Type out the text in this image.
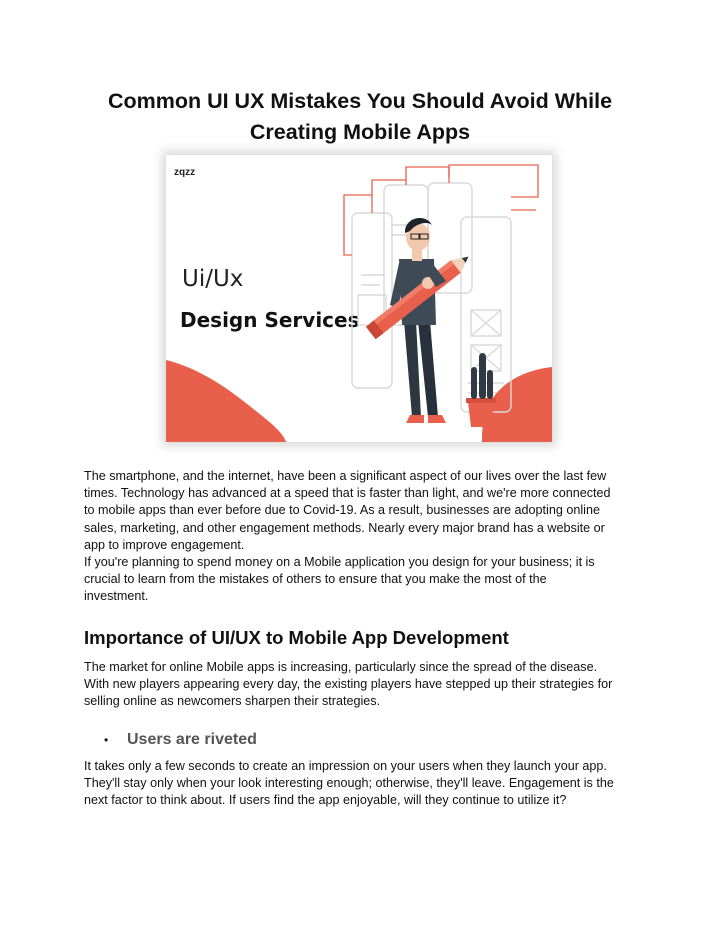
Common UI UX Mistakes You Should Avoid While
Creating Mobile Apps
zqzz
Ui/Ux
Design Services
The smartphone, and the internet, have been a significant aspect of our lives over the last few
times. Technology has advanced at a speed that is faster than light, and we're more connected
to mobile apps than ever before due to Covid-19. As a result, businesses are adopting online
sales, marketing, and other engagement methods. Nearly every major brand has a website or
app to improve engagement.
If you're planning to spend money on a Mobile application you design for your business; it is
crucial to learn from the mistakes of others to ensure that you make the most of the
investment.
Importance of UI/UX to Mobile App Development
The market for online Mobile apps is increasing, particularly since the spread of the disease.
With new players appearing every day, the existing players have stepped up their strategies for
selling online as newcomers sharpen their strategies.
• Users are riveted
It takes only a few seconds to create an impression on your users when they launch your app.
They'll stay only when your look interesting enough; otherwise, they'll leave. Engagement is the
next factor to think about. If users find the app enjoyable, will they continue to utilize it?
